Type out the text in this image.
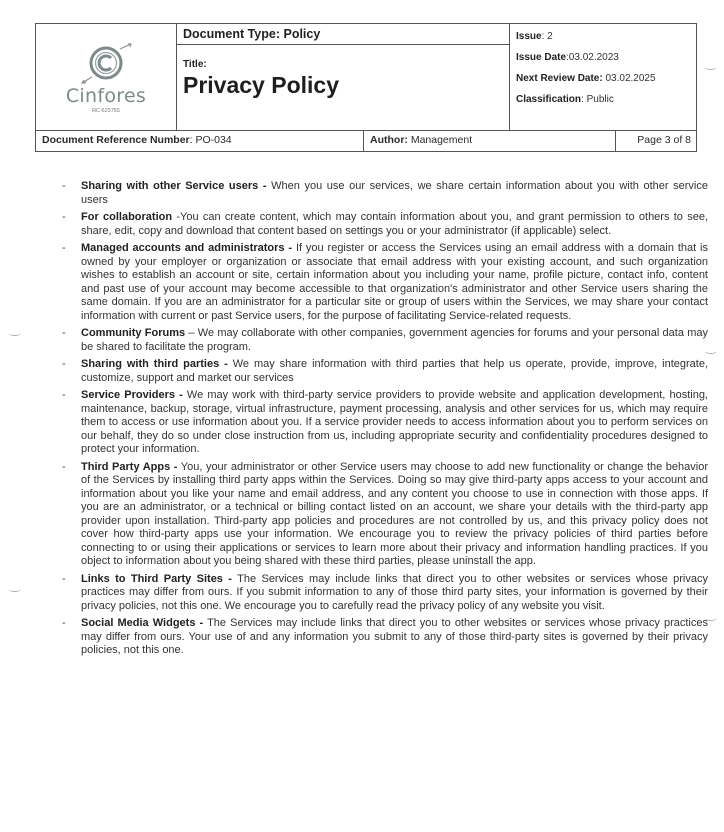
Cinfores
RC:623755
Document Type: Policy
Title:
Privacy Policy
Issue: 2
Issue Date:03.02.2023
Next Review Date: 03.02.2025
Classification: Public
Document Reference Number: PO-034	Author: Management	Page 3 of 8
-	Sharing with other Service users - When you use our services, we share certain information about you with other service users
-	For collaboration -You can create content, which may contain information about you, and grant permission to others to see, share, edit, copy and download that content based on settings you or your administrator (if applicable) select.
-	Managed accounts and administrators - If you register or access the Services using an email address with a domain that is owned by your employer or organization or associate that email address with your existing account, and such organization wishes to establish an account or site, certain information about you including your name, profile picture, contact info, content and past use of your account may become accessible to that organization's administrator and other Service users sharing the same domain. If you are an administrator for a particular site or group of users within the Services, we may share your contact information with current or past Service users, for the purpose of facilitating Service-related requests.
-	Community Forums – We may collaborate with other companies, government agencies for forums and your personal data may be shared to facilitate the program.
-	Sharing with third parties - We may share information with third parties that help us operate, provide, improve, integrate, customize, support and market our services
-	Service Providers - We may work with third-party service providers to provide website and application development, hosting, maintenance, backup, storage, virtual infrastructure, payment processing, analysis and other services for us, which may require them to access or use information about you. If a service provider needs to access information about you to perform services on our behalf, they do so under close instruction from us, including appropriate security and confidentiality procedures designed to protect your information.
-	Third Party Apps - You, your administrator or other Service users may choose to add new functionality or change the behavior of the Services by installing third party apps within the Services. Doing so may give third-party apps access to your account and information about you like your name and email address, and any content you choose to use in connection with those apps. If you are an administrator, or a technical or billing contact listed on an account, we share your details with the third-party app provider upon installation. Third-party app policies and procedures are not controlled by us, and this privacy policy does not cover how third-party apps use your information. We encourage you to review the privacy policies of third parties before connecting to or using their applications or services to learn more about their privacy and information handling practices. If you object to information about you being shared with these third parties, please uninstall the app.
-	Links to Third Party Sites - The Services may include links that direct you to other websites or services whose privacy practices may differ from ours. If you submit information to any of those third party sites, your information is governed by their privacy policies, not this one. We encourage you to carefully read the privacy policy of any website you visit.
-	Social Media Widgets - The Services may include links that direct you to other websites or services whose privacy practices may differ from ours. Your use of and any information you submit to any of those third-party sites is governed by their privacy policies, not this one.
‿
‿
‿
‿
‿
